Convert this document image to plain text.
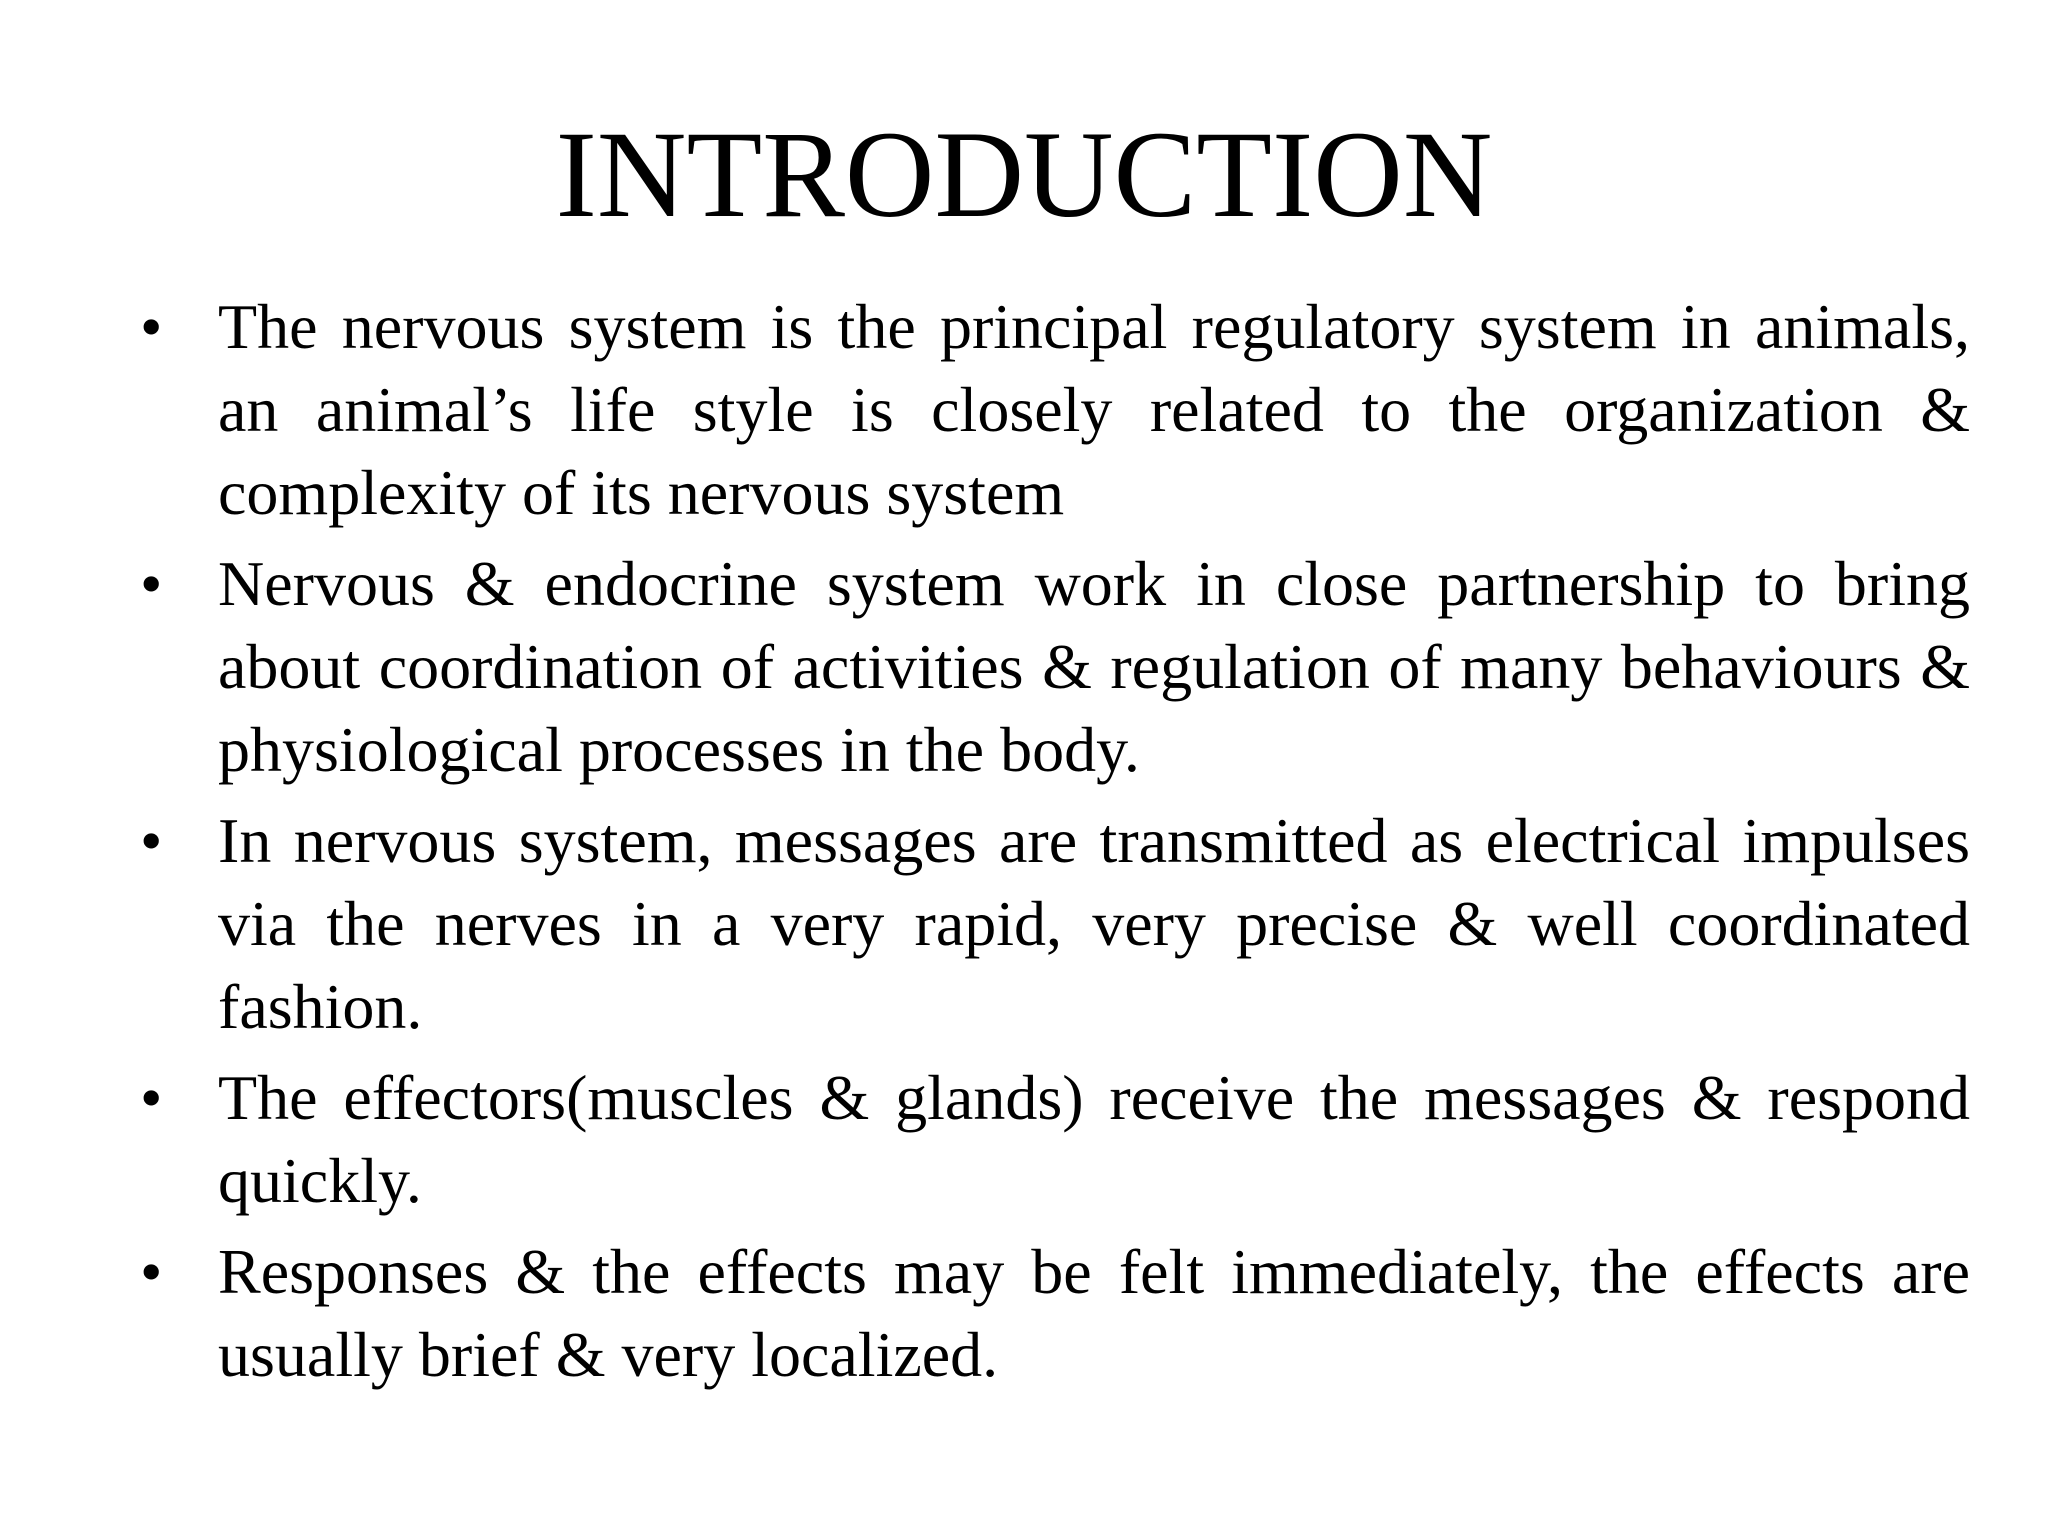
INTRODUCTION
• The nervous system is the principal regulatory system in animals, an animal’s life style is closely related to the organization & complexity of its nervous system
• Nervous & endocrine system work in close partnership to bring about coordination of activities & regulation of many behaviours & physiological processes in the body.
• In nervous system, messages are transmitted as electrical impulses via the nerves in a very rapid, very precise & well coordinated fashion.
• The effectors(muscles & glands) receive the messages & respond quickly.
• Responses & the effects may be felt immediately, the effects are usually brief & very localized.
